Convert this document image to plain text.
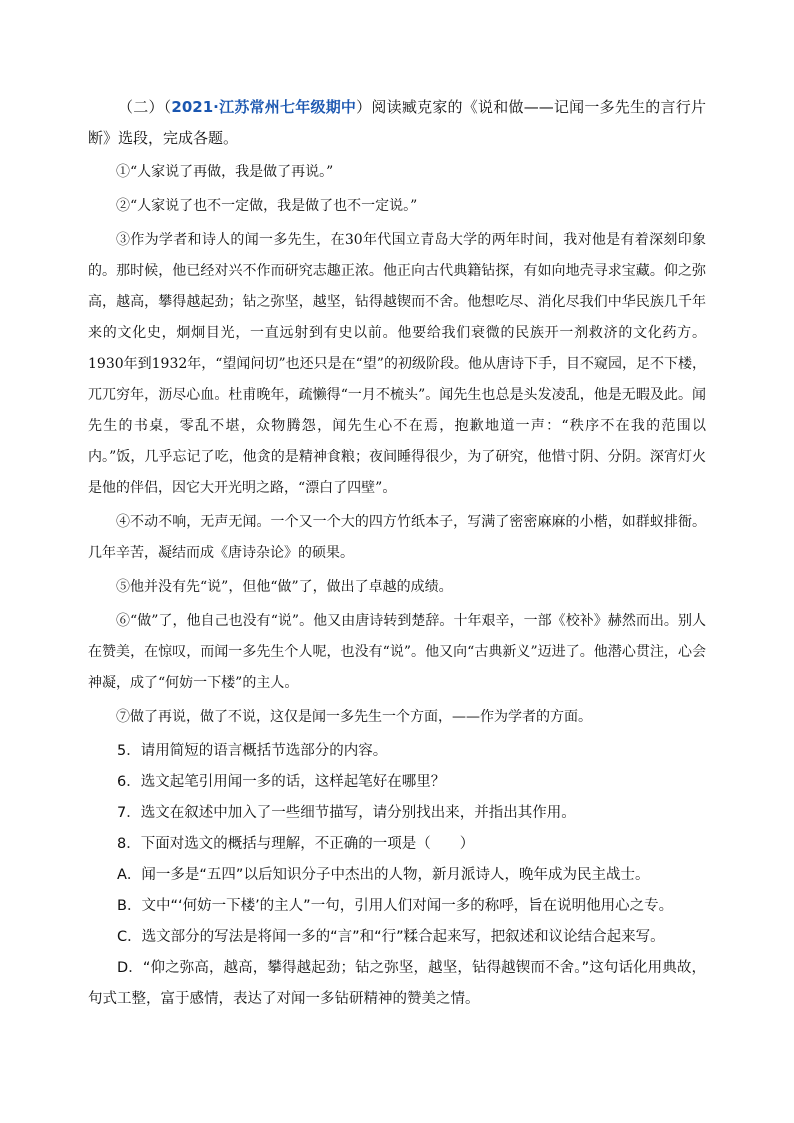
（二）（2021·江苏常州七年级期中）阅读臧克家的《说和做——记闻一多先生的言行片断》选段，完成各题。

①“人家说了再做，我是做了再说。”

②“人家说了也不一定做，我是做了也不一定说。”

③作为学者和诗人的闻一多先生，在30年代国立青岛大学的两年时间，我对他是有着深刻印象的。那时候，他已经对兴不作而研究志趣正浓。他正向古代典籍钻探，有如向地壳寻求宝藏。仰之弥高，越高，攀得越起劲；钻之弥坚，越坚，钻得越锲而不舍。他想吃尽、消化尽我们中华民族几千年来的文化史，炯炯目光，一直远射到有史以前。他要给我们衰微的民族开一剂救济的文化药方。1930年到1932年，“望闻问切”也还只是在“望”的初级阶段。他从唐诗下手，目不窥园，足不下楼，兀兀穷年，沥尽心血。杜甫晚年，疏懒得“一月不梳头”。闻先生也总是头发凌乱，他是无暇及此。闻先生的书桌，零乱不堪，众物腾怨，闻先生心不在焉，抱歉地道一声：“秩序不在我的范围以内。”饭，几乎忘记了吃，他贪的是精神食粮；夜间睡得很少，为了研究，他惜寸阴、分阴。深宵灯火是他的伴侣，因它大开光明之路，“漂白了四壁”。

④不动不响，无声无闻。一个又一个大的四方竹纸本子，写满了密密麻麻的小楷，如群蚁排衙。几年辛苦，凝结而成《唐诗杂论》的硕果。

⑤他并没有先“说”，但他“做”了，做出了卓越的成绩。

⑥“做”了，他自己也没有“说”。他又由唐诗转到楚辞。十年艰辛，一部《校补》赫然而出。别人在赞美，在惊叹，而闻一多先生个人呢，也没有“说”。他又向“古典新义”迈进了。他潜心贯注，心会神凝，成了“何妨一下楼”的主人。

⑦做了再说，做了不说，这仅是闻一多先生一个方面，——作为学者的方面。

5．请用简短的语言概括节选部分的内容。

6．选文起笔引用闻一多的话，这样起笔好在哪里？

7．选文在叙述中加入了一些细节描写，请分别找出来，并指出其作用。

8．下面对选文的概括与理解，不正确的一项是（　　）

A．闻一多是“五四”以后知识分子中杰出的人物，新月派诗人，晚年成为民主战士。

B．文中“‘何妨一下楼’的主人”一句，引用人们对闻一多的称呼，旨在说明他用心之专。

C．选文部分的写法是将闻一多的“言”和“行”糅合起来写，把叙述和议论结合起来写。

D．“仰之弥高，越高，攀得越起劲；钻之弥坚，越坚，钻得越锲而不舍。”这句话化用典故，句式工整，富于感情，表达了对闻一多钻研精神的赞美之情。
